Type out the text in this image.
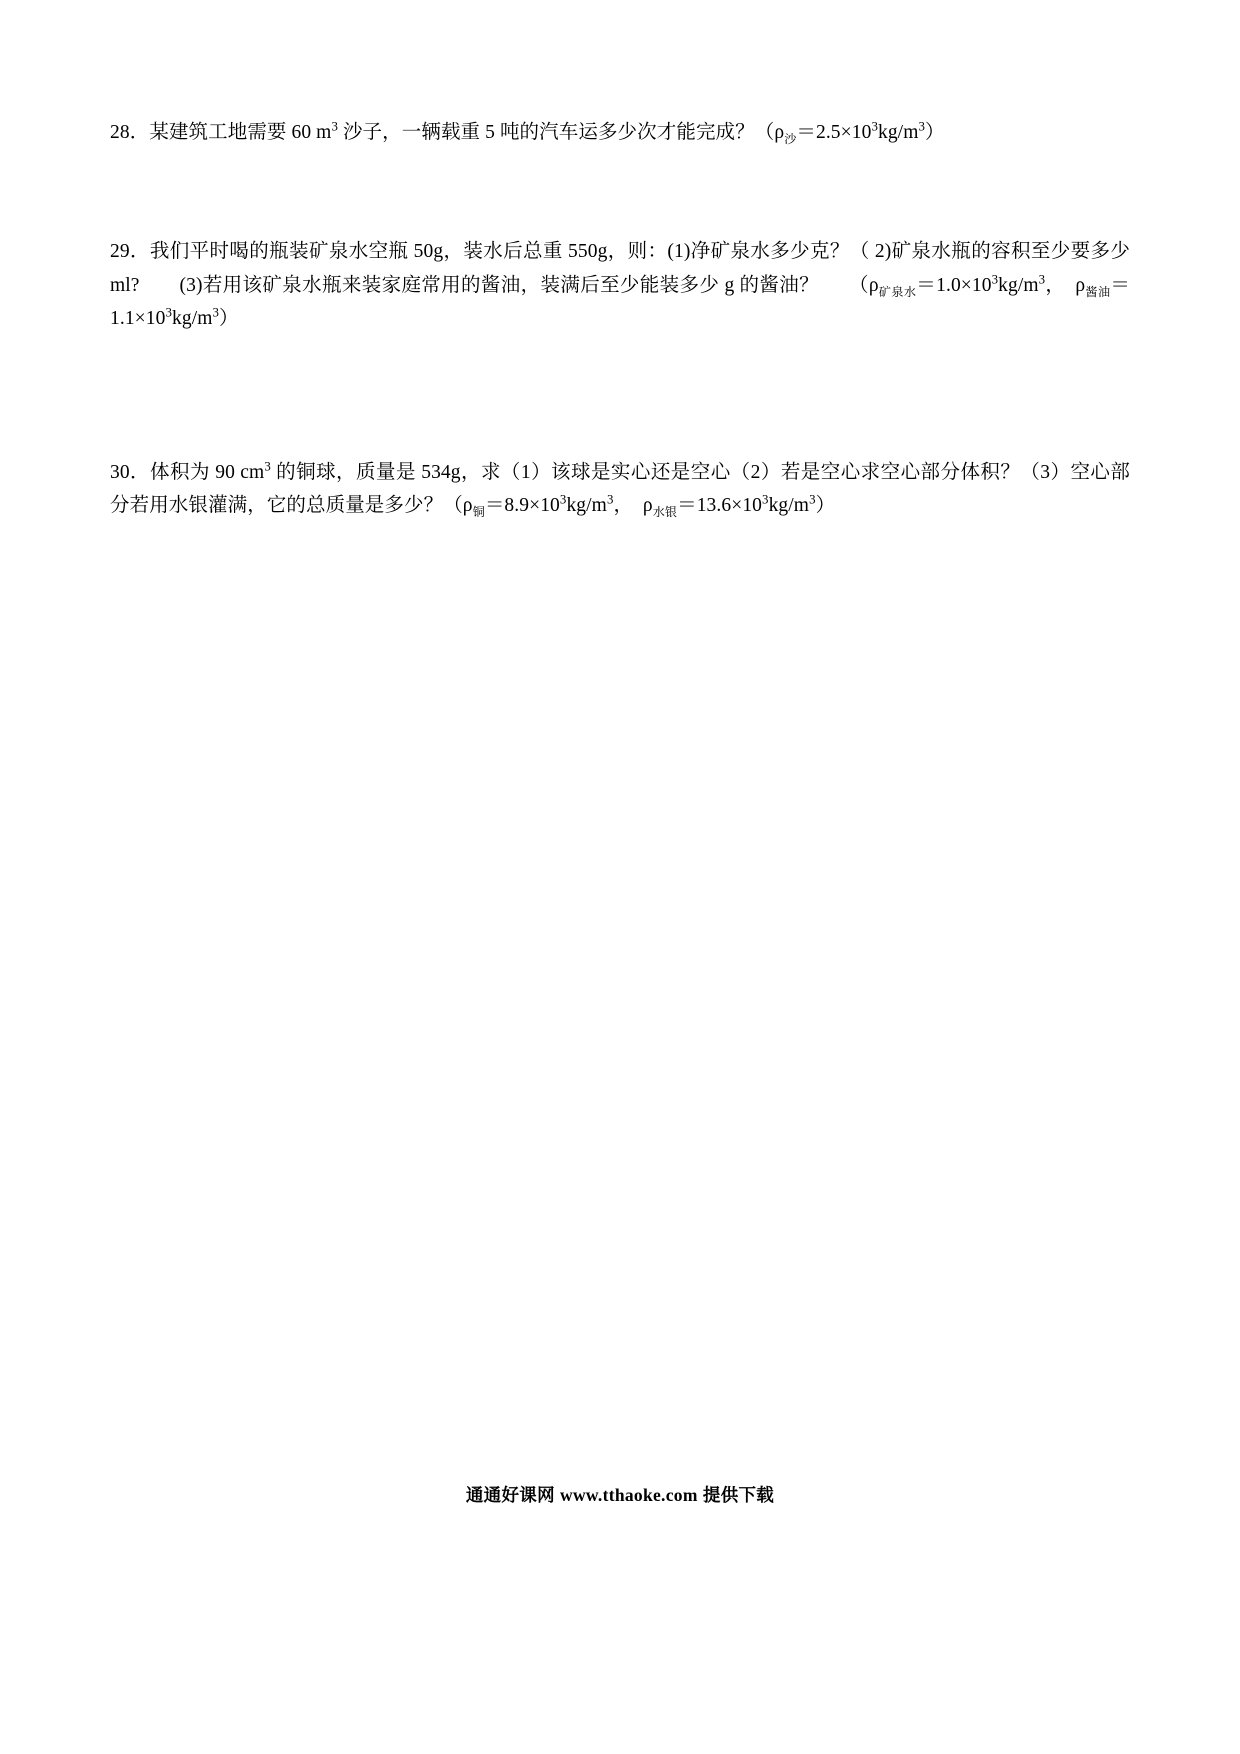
28．某建筑工地需要 60 $m^3$ 沙子，一辆载重 5 吨的汽车运多少次才能完成？$(\rho_沙=2.5\times 10^3kg/m^3)$

29．我们平时喝的瓶装矿泉水空瓶 50g，装水后总重 550g，则：(1)净矿泉水多少克？（ 2)矿泉水瓶的容积至少要多少 ml?　　(3)若用该矿泉水瓶来装家庭常用的酱油，装满后至少能装多少 g 的酱油？　　（$\rho_{矿泉水}=1.0\times 10^3kg/m^3$，　$\rho_{酱油}=1.1\times 10^3kg/m^3$）

30．体积为 90 $cm^3$ 的铜球，质量是 534g，求（1）该球是实心还是空心（2）若是空心求空心部分体积？（3）空心部分若用水银灌满，它的总质量是多少？（$\rho_铜=8.9\times 10^3kg/m^3$，　$\rho_{水银}=13.6\times 10^3kg/m^3$）

通通好课网 www.tthaoke.com 提供下载
